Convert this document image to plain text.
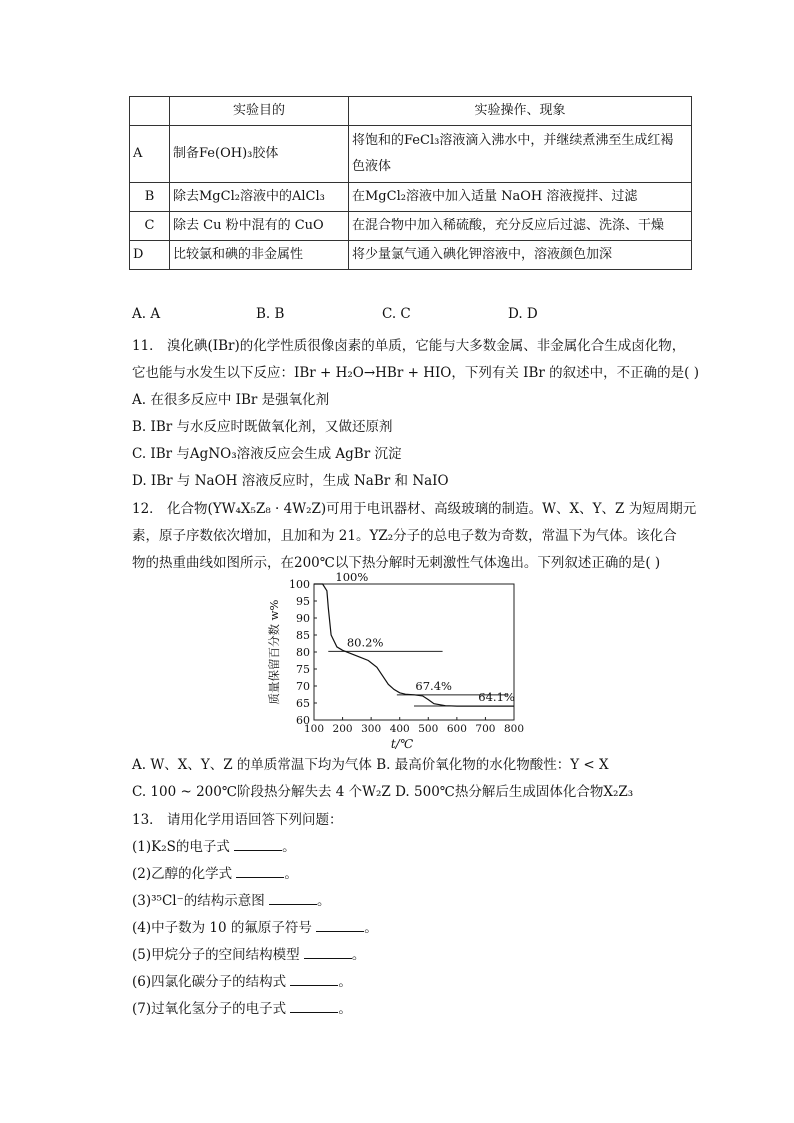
	实验目的	实验操作、现象
A	制备Fe(OH)₃胶体	将饱和的FeCl₃溶液滴入沸水中，并继续煮沸至生成红褐
色液体

B	除去MgCl₂溶液中的AlCl₃	在MgCl₂溶液中加入适量 NaOH 溶液搅拌、过滤
C	除去 Cu 粉中混有的 CuO	在混合物中加入稀硫酸，充分反应后过滤、洗涤、干燥
D	比较氯和碘的非金属性	将少量氯气通入碘化钾溶液中，溶液颜色加深
A. A	B. B	C. C	D. D
11． 溴化碘(IBr)的化学性质很像卤素的单质，它能与大多数金属、非金属化合生成卤化物，
它也能与水发生以下反应：IBr + H₂O→HBr + HIO，下列有关 IBr 的叙述中，不正确的是( )
A. 在很多反应中 IBr 是强氧化剂
B. IBr 与水反应时既做氧化剂，又做还原剂
C. IBr 与AgNO₃溶液反应会生成 AgBr 沉淀
D. IBr 与 NaOH 溶液反应时，生成 NaBr 和 NaIO
12． 化合物(YW₄X₅Z₈ · 4W₂Z)可用于电讯器材、高级玻璃的制造。W、X、Y、Z 为短周期元
素，原子序数依次增加，且加和为 21。YZ₂分子的总电子数为奇数，常温下为气体。该化合
物的热重曲线如图所示，在200℃以下热分解时无刺激性气体逸出。下列叙述正确的是( )
100
95
90
85
80
75
70
65
60
100 200 300 400 500 600 700 800
100%
80.2%
67.4%
64.1%
质量保留百分数 w%
t/℃
A. W、X、Y、Z 的单质常温下均为气体 B. 最高价氧化物的水化物酸性：Y < X
C. 100 ~ 200℃阶段热分解失去 4 个W₂Z D. 500℃热分解后生成固体化合物X₂Z₃
13． 请用化学用语回答下列问题：
(1)K₂S的电子式	。
(2)乙醇的化学式	。
(3)³⁵Cl⁻的结构示意图	。
(4)中子数为 10 的氟原子符号	。
(5)甲烷分子的空间结构模型	。
(6)四氯化碳分子的结构式	。
(7)过氧化氢分子的电子式	。
